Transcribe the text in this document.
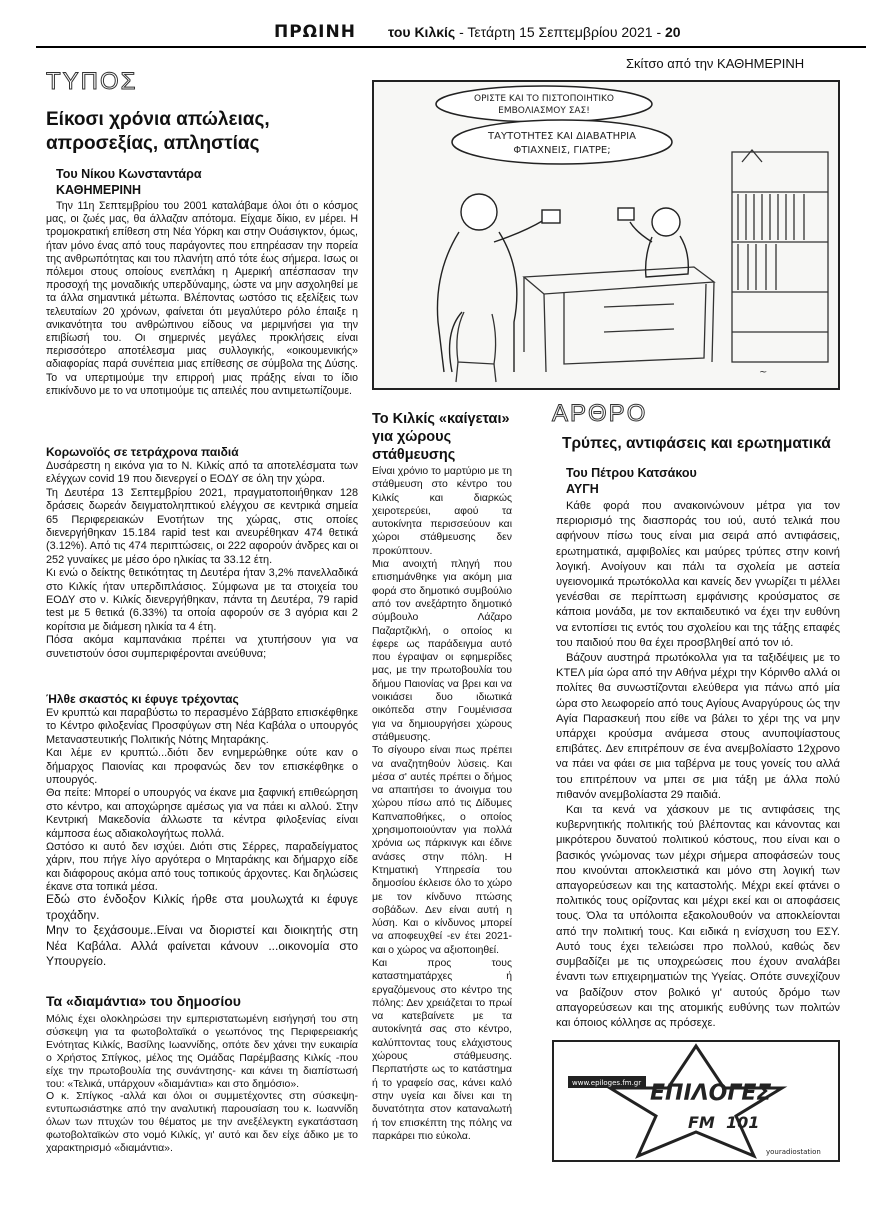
ΠΡΩΙΝΗ του Κιλκίς - Τετάρτη 15 Σεπτεμβρίου 2021 - 20
Σκίτσο από την ΚΑΘΗΜΕΡΙΝΗ
ΤΥΠΟΣ
Είκοσι χρόνια απώλειας,
απροσεξίας, απληστίας
Του Νίκου Κωνσταντάρα
ΚΑΘΗΜΕΡΙΝΗ

Την 11η Σεπτεμβρίου του 2001 καταλάβαμε όλοι ότι ο κόσμος μας, οι ζωές μας, θα άλλαζαν απότομα. Είχαμε δίκιο, εν μέρει. Η τρομοκρατική επίθεση στη Νέα Υόρκη και στην Ουάσιγκτον, όμως, ήταν μόνο ένας από τους παράγοντες που επηρέασαν την πορεία της ανθρωπότητας και του πλανήτη από τότε έως σήμερα. Ισως οι πόλεμοι στους οποίους ενεπλάκη η Αμερική απέσπασαν την προσοχή της μοναδικής υπερδύναμης, ώστε να μην ασχοληθεί με τα άλλα σημαντικά μέτωπα. Βλέποντας ωστόσο τις εξελίξεις των τελευταίων 20 χρόνων, φαίνεται ότι μεγαλύτερο ρόλο έπαιξε η ανικανότητα του ανθρώπινου είδους να μεριμνήσει για την επιβίωσή του. Οι σημερινές μεγάλες προκλήσεις είναι περισσότερο αποτέλεσμα μιας συλλογικής, «οικουμενικής» αδιαφορίας παρά συνέπεια μιας επίθεσης σε σύμβολα της Δύσης. Το να υπερτιμούμε την επιρροή μιας πράξης είναι το ίδιο επικίνδυνο με το να υποτιμούμε τις απειλές που αντιμετωπίζουμε.

Κορωνοϊός σε τετράχρονα παιδιά

Δυσάρεστη η εικόνα για το Ν. Κιλκίς από τα αποτελέσματα των ελέγχων covid 19 που διενεργεί ο ΕΟΔΥ σε όλη την χώρα.

Τη Δευτέρα 13 Σεπτεμβρίου 2021, πραγματοποιήθηκαν 128 δράσεις δωρεάν δειγματοληπτικού ελέγχου σε κεντρικά σημεία 65 Περιφερειακών Ενοτήτων της χώρας, στις οποίες διενεργήθηκαν 15.184 rapid test και ανευρέθηκαν 474 θετικά (3.12%). Από τις 474 περιπτώσεις, οι 222 αφορούν άνδρες και οι 252 γυναίκες με μέσο όρο ηλικίας τα 33.12 έτη.

Κι ενώ ο δείκτης θετικότητας τη Δευτέρα ήταν 3,2% πανελλαδικά στο Κιλκίς ήταν υπερδιπλάσιος. Σύμφωνα με τα στοιχεία του ΕΟΔΥ στο ν. Κιλκίς διενεργήθηκαν, πάντα τη Δευτέρα, 79 rapid test με 5 θετικά (6.33%) τα οποία αφορούν σε 3 αγόρια και 2 κορίτσια με διάμεση ηλικία τα 4 έτη.

Πόσα ακόμα καμπανάκια πρέπει να χτυπήσουν για να συνετιστούν όσοι συμπεριφέρονται ανεύθυνα;

Ήλθε σκαστός κι έφυγε τρέχοντας

Εν κρυπτώ και παραβύστω το περασμένο Σάββατο επισκέφθηκε το Κέντρο φιλοξενίας Προσφύγων στη Νέα Καβάλα ο υπουργός Μεταναστευτικής Πολιτικής Νότης Μηταράκης.

Και λέμε εν κρυπτώ...διότι δεν ενημερώθηκε ούτε καν ο δήμαρχος Παιονίας και προφανώς δεν τον επισκέφθηκε ο υπουργός.

Θα πείτε: Μπορεί ο υπουργός να έκανε μια ξαφνική επιθεώρηση στο κέντρο, και αποχώρησε αμέσως για να πάει κι αλλού. Στην Κεντρική Μακεδονία άλλωστε τα κέντρα φιλοξενίας είναι κάμποσα έως αδιακολογήτως πολλά.

Ωστόσο κι αυτό δεν ισχύει. Διότι στις Σέρρες, παραδείγματος χάριν, που πήγε λίγο αργότερα ο Μηταράκης και δήμαρχο είδε και διάφορους ακόμα από τους τοπικούς άρχοντες. Και δηλώσεις έκανε στα τοπικά μέσα.

Εδώ στο ένδοξον Κιλκίς ήρθε στα μουλωχτά κι έφυγε τροχάδην.

Μην το ξεχάσουμε..Είναι να διοριστεί και διοικητής στη Νέα Καβάλα. Αλλά φαίνεται κάνουν ...οικονομία στο Υπουργείο.

Τα «διαμάντια» του δημοσίου

Μόλις έχει ολοκληρώσει την εμπεριστατωμένη εισήγησή του στη σύσκεψη για τα φωτοβολταϊκά ο γεωπόνος της Περιφερειακής Ενότητας Κιλκίς, Βασίλης Ιωαννίδης, οπότε δεν χάνει την ευκαιρία ο Χρήστος Σπίγκος, μέλος της Ομάδας Παρέμβασης Κιλκίς -που είχε την πρωτοβουλία της συνάντησης- και κάνει τη διαπίστωσή του: «Τελικά, υπάρχουν «διαμάντια» και στο δημόσιο».

Ο κ. Σπίγκος -αλλά και όλοι οι συμμετέχοντες στη σύσκεψη- εντυπωσιάστηκε από την αναλυτική παρουσίαση του κ. Ιωαννίδη όλων των πτυχών του θέματος με την ανεξέλεγκτη εγκατάσταση φωτοβολταϊκών στο νομό Κιλκίς, γι' αυτό και δεν είχε άδικο με το χαρακτηρισμό «διαμάντια».

ΟΡΙΣΤΕ ΚΑΙ ΤΟ ΠΙΣΤΟΠΟΙΗΤΙΚΟ
ΕΜΒΟΛΙΑΣΜΟΥ ΣΑΣ!
ΤΑΥΤΟΤΗΤΕΣ ΚΑΙ ΔΙΑΒΑΤΗΡΙΑ
ΦΤΙΑΧΝΕΙΣ, ΓΙΑΤΡΕ;
~
Το Κιλκίς «καίγεται»
για χώρους
στάθμευσης

Είναι χρόνιο το μαρτύριο με τη στάθμευση στο κέντρο του Κιλκίς και διαρκώς χειροτερεύει, αφού τα αυτοκίνητα περισσεύουν και χώροι στάθμευσης δεν προκύπτουν.

Μια ανοιχτή πληγή που επισημάνθηκε για ακόμη μια φορά στο δημοτικό συμβούλιο από τον ανεξάρτητο δημοτικό σύμβουλο Λάζαρο Παζαρτζικλή, ο οποίος κι έφερε ως παράδειγμα αυτό που έγραψαν οι εφημερίδες μας, με την πρωτοβουλία του δήμου Παιονίας να βρει και να νοικιάσει δυο ιδιωτικά οικόπεδα στην Γουμένισσα για να δημιουργήσει χώρους στάθμευσης.

Το σίγουρο είναι πως πρέπει να αναζητηθούν λύσεις. Και μέσα σ' αυτές πρέπει ο δήμος να απαιτήσει το άνοιγμα του χώρου πίσω από τις Δίδυμες Καπναποθήκες, ο οποίος χρησιμοποιούνταν για πολλά χρόνια ως πάρκινγκ και έδινε ανάσες στην πόλη. Η Κτηματική Υπηρεσία του δημοσίου έκλεισε όλο το χώρο με τον κίνδυνο πτώσης σοβάδων. Δεν είναι αυτή η λύση. Και ο κίνδυνος μπορεί να αποφευχθεί -εν έτει 2021- και ο χώρος να αξιοποιηθεί.

Και προς τους καταστηματάρχες ή εργαζόμενους στο κέντρο της πόλης: Δεν χρειάζεται το πρωί να κατεβαίνετε με τα αυτοκίνητά σας στο κέντρο, καλύπτοντας τους ελάχιστους χώρους στάθμευσης. Περπατήστε ως το κατάστημα ή το γραφείο σας, κάνει καλό στην υγεία και δίνει και τη δυνατότητα στον καταναλωτή ή τον επισκέπτη της πόλης να παρκάρει πιο εύκολα.

ΑΡΘΡΟ
Τρύπες, αντιφάσεις και ερωτηματικά
Του Πέτρου Κατσάκου
ΑΥΓΗ

Κάθε φορά που ανακοινώνουν μέτρα για τον περιορισμό της διασποράς του ιού, αυτό τελικά που αφήνουν πίσω τους είναι μια σειρά από αντιφάσεις, ερωτηματικά, αμφιβολίες και μαύρες τρύπες στην κοινή λογική. Ανοίγουν και πάλι τα σχολεία με αστεία υγειονομικά πρωτόκολλα και κανείς δεν γνωρίζει τι μέλλει γενέσθαι σε περίπτωση εμφάνισης κρούσματος σε κάποια μονάδα, με τον εκπαιδευτικό να έχει την ευθύνη να εντοπίσει τις εντός του σχολείου και της τάξης επαφές του παιδιού που θα έχει προσβληθεί από τον ιό.

Βάζουν αυστηρά πρωτόκολλα για τα ταξιδέψεις με το ΚΤΕΛ μία ώρα από την Αθήνα μέχρι την Κόρινθο αλλά οι πολίτες θα συνωστίζονται ελεύθερα για πάνω από μία ώρα στο λεωφορείο από τους Αγίους Αναργύρους ώς την Αγία Παρασκευή που είθε να βάλει το χέρι της να μην υπάρχει κρούσμα ανάμεσα στους ανυποψίαστους επιβάτες. Δεν επιτρέπουν σε ένα ανεμβολίαστο 12χρονο να πάει να φάει σε μια ταβέρνα με τους γονείς του αλλά του επιτρέπουν να μπει σε μια τάξη με άλλα πολύ πιθανόν ανεμβολίαστα 29 παιδιά.

Και τα κενά να χάσκουν με τις αντιφάσεις της κυβερνητικής πολιτικής τού βλέποντας και κάνοντας και μικρότερου δυνατού πολιτικού κόστους, που είναι και ο βασικός γνώμονας των μέχρι σήμερα αποφάσεών τους που κινούνται αποκλειστικά και μόνο στη λογική των απαγορεύσεων και της καταστολής. Μέχρι εκεί φτάνει ο πολιτικός τους ορίζοντας και μέχρι εκεί και οι αποφάσεις τους. Όλα τα υπόλοιπα εξακολουθούν να αποκλείονται από την πολιτική τους. Και ειδικά η ενίσχυση του ΕΣΥ. Αυτό τους έχει τελειώσει προ πολλού, καθώς δεν συμβαδίζει με τις υποχρεώσεις που έχουν αναλάβει έναντι των επιχειρηματιών της Υγείας. Οπότε συνεχίζουν να βαδίζουν στον βολικό γι' αυτούς δρόμο των απαγορεύσεων και της ατομικής ευθύνης των πολιτών και όποιος κόλλησε ας πρόσεχε.

www.epiloges.fm.gr ΕΠΙΛΟΓΕΣ
FM 101
youradiostation
